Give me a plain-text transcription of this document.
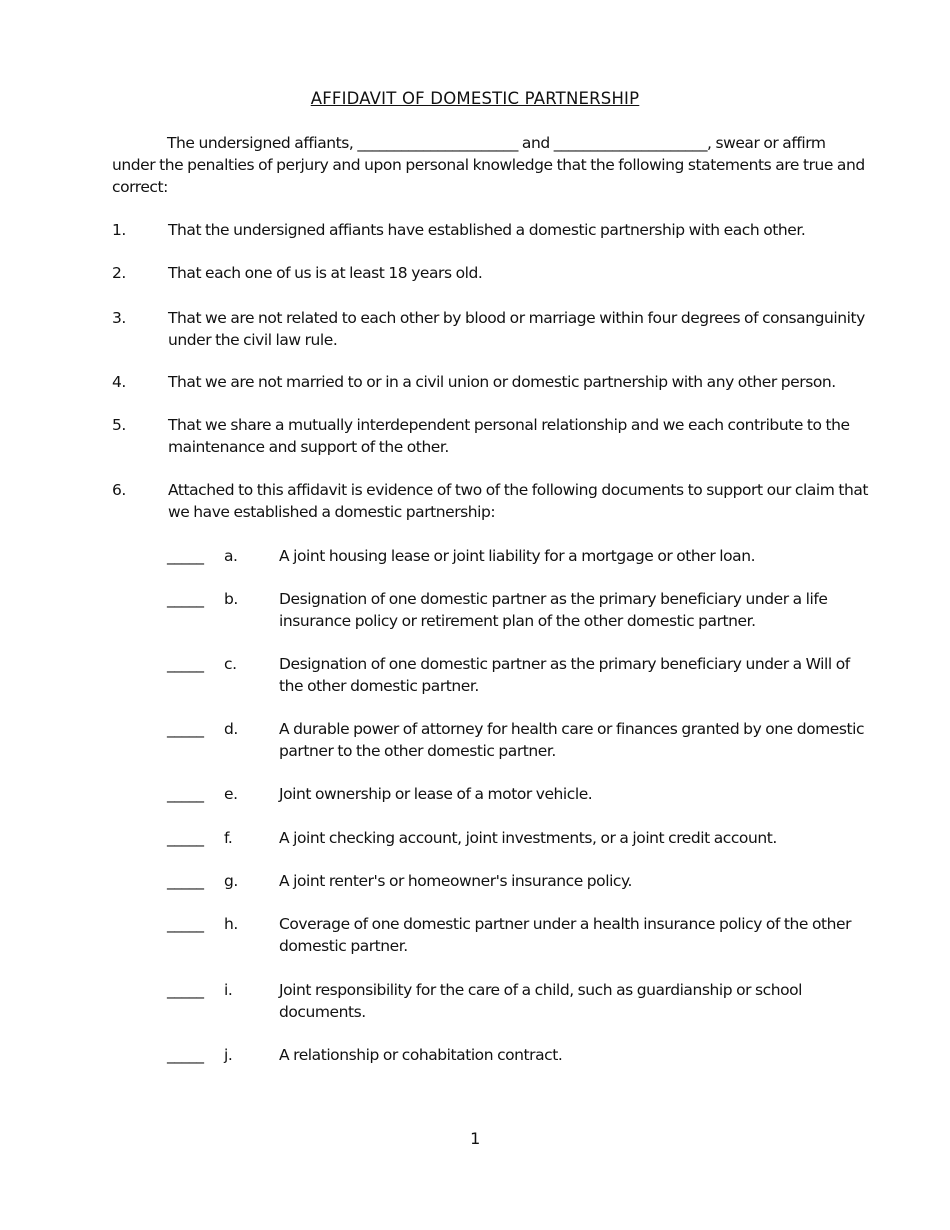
AFFIDAVIT OF DOMESTIC PARTNERSHIP
The undersigned affiants, ______________________ and _____________________, swear or affirm under the penalties of perjury and upon personal knowledge that the following statements are true and correct:
1.	That the undersigned affiants have established a domestic partnership with each other.
2.	That each one of us is at least 18 years old.
3.	That we are not related to each other by blood or marriage within four degrees of consanguinity under the civil law rule.
4.	That we are not married to or in a civil union or domestic partnership with any other person.
5.	That we share a mutually interdependent personal relationship and we each contribute to the maintenance and support of the other.
6.	Attached to this affidavit is evidence of two of the following documents to support our claim that we have established a domestic partnership:
_____ a.	A joint housing lease or joint liability for a mortgage or other loan.
_____ b.	Designation of one domestic partner as the primary beneficiary under a life insurance policy or retirement plan of the other domestic partner.
_____ c.	Designation of one domestic partner as the primary beneficiary under a Will of the other domestic partner.
_____ d.	A durable power of attorney for health care or finances granted by one domestic partner to the other domestic partner.
_____ e.	Joint ownership or lease of a motor vehicle.
_____ f.	A joint checking account, joint investments, or a joint credit account.
_____ g.	A joint renter's or homeowner's insurance policy.
_____ h.	Coverage of one domestic partner under a health insurance policy of the other domestic partner.
_____ i.	Joint responsibility for the care of a child, such as guardianship or school documents.
_____ j.	A relationship or cohabitation contract.
1
